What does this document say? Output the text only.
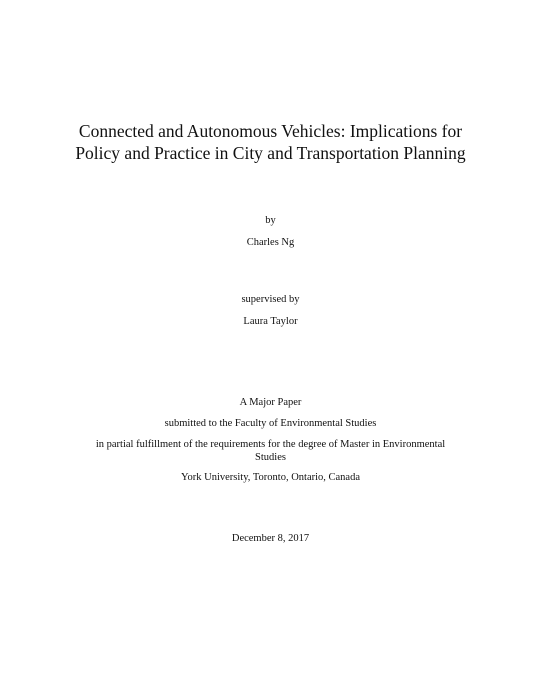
Connected and Autonomous Vehicles: Implications for
Policy and Practice in City and Transportation Planning
by
Charles Ng
supervised by
Laura Taylor
A Major Paper
submitted to the Faculty of Environmental Studies
in partial fulfillment of the requirements for the degree of Master in Environmental
Studies
York University, Toronto, Ontario, Canada
December 8, 2017
